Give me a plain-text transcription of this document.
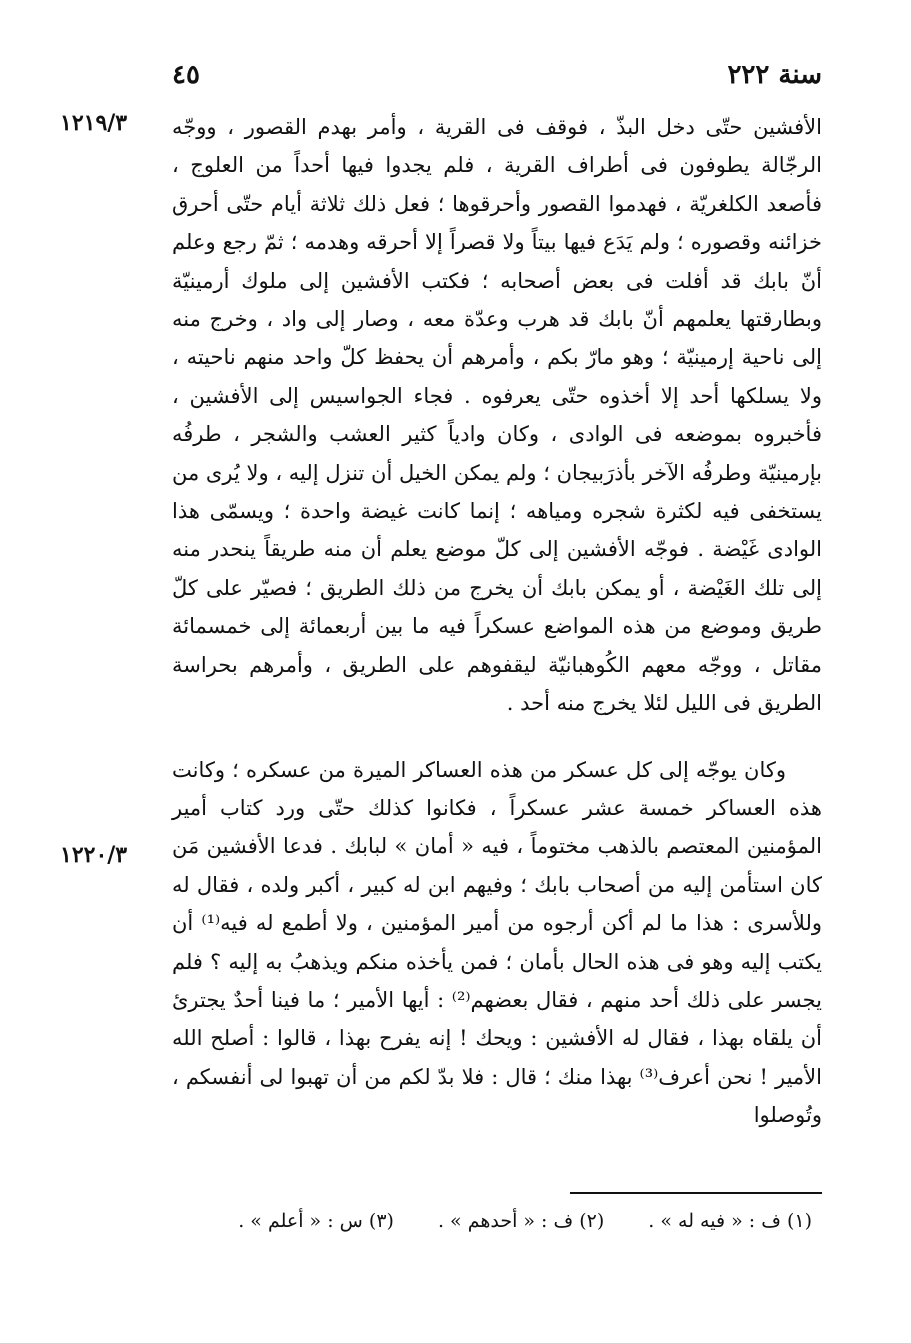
سنة ٢٢٢
٤٥
١٢١٩/٣
١٢٢٠/٣

الأفشين حتّى دخل البذّ ، فوقف فى القرية ، وأمر بهدم القصور ، ووجّه الرجّالة يطوفون فى أطراف القرية ، فلم يجدوا فيها أحداً من العلوج ، فأصعد الكلغريّة ، فهدموا القصور وأحرقوها ؛ فعل ذلك ثلاثة أيام حتّى أحرق خزائنه وقصوره ؛ ولم يَدَع فيها بيتاً ولا قصراً إلا أحرقه وهدمه ؛ ثمّ رجع وعلم أنّ بابك قد أفلت فى بعض أصحابه ؛ فكتب الأفشين إلى ملوك أرمينيّة وبطارقتها يعلمهم أنّ بابك قد هرب وعدّة معه ، وصار إلى واد ، وخرج منه إلى ناحية إرمينيّة ؛ وهو مارّ بكم ، وأمرهم أن يحفظ كلّ واحد منهم ناحيته ، ولا يسلكها أحد إلا أخذوه حتّى يعرفوه . فجاء الجواسيس إلى الأفشين ، فأخبروه بموضعه فى الوادى ، وكان وادياً كثير العشب والشجر ، طرفُه بإرمينيّة وطرفُه الآخر بأذرَبيجان ؛ ولم يمكن الخيل أن تنزل إليه ، ولا يُرى من يستخفى فيه لكثرة شجره ومياهه ؛ إنما كانت غيضة واحدة ؛ ويسمّى هذا الوادى غَيْضة . فوجّه الأفشين إلى كلّ موضع يعلم أن منه طريقاً ينحدر منه إلى تلك الغَيْضة ، أو يمكن بابك أن يخرج من ذلك الطريق ؛ فصيّر على كلّ طريق وموضع من هذه المواضع عسكراً فيه ما بين أربعمائة إلى خمسمائة مقاتل ، ووجّه معهم الكُوهبانيّة ليقفوهم على الطريق ، وأمرهم بحراسة الطريق فى الليل لئلا يخرج منه أحد .

وكان يوجّه إلى كل عسكر من هذه العساكر الميرة من عسكره ؛ وكانت هذه العساكر خمسة عشر عسكراً ، فكانوا كذلك حتّى ورد كتاب أمير المؤمنين المعتصم بالذهب مختوماً ، فيه « أمان » لبابك . فدعا الأفشين مَن كان استأمن إليه من أصحاب بابك ؛ وفيهم ابن له كبير ، أكبر ولده ، فقال له وللأسرى : هذا ما لم أكن أرجوه من أمير المؤمنين ، ولا أطمع له فيه⁽¹⁾ أن يكتب إليه وهو فى هذه الحال بأمان ؛ فمن يأخذه منكم ويذهبُ به إليه ؟ فلم يجسر على ذلك أحد منهم ، فقال بعضهم⁽²⁾ : أيها الأمير ؛ ما فينا أحدٌ يجترئ أن يلقاه بهذا ، فقال له الأفشين : ويحك ! إنه يفرح بهذا ، قالوا : أصلح الله الأمير ! نحن أعرف⁽³⁾ بهذا منك ؛ قال : فلا بدّ لكم من أن تهبوا لى أنفسكم ، وتُوصلوا

(١) ف : « فيه له » .
(٢) ف : « أحدهم » .
(٣) س : « أعلم » .
